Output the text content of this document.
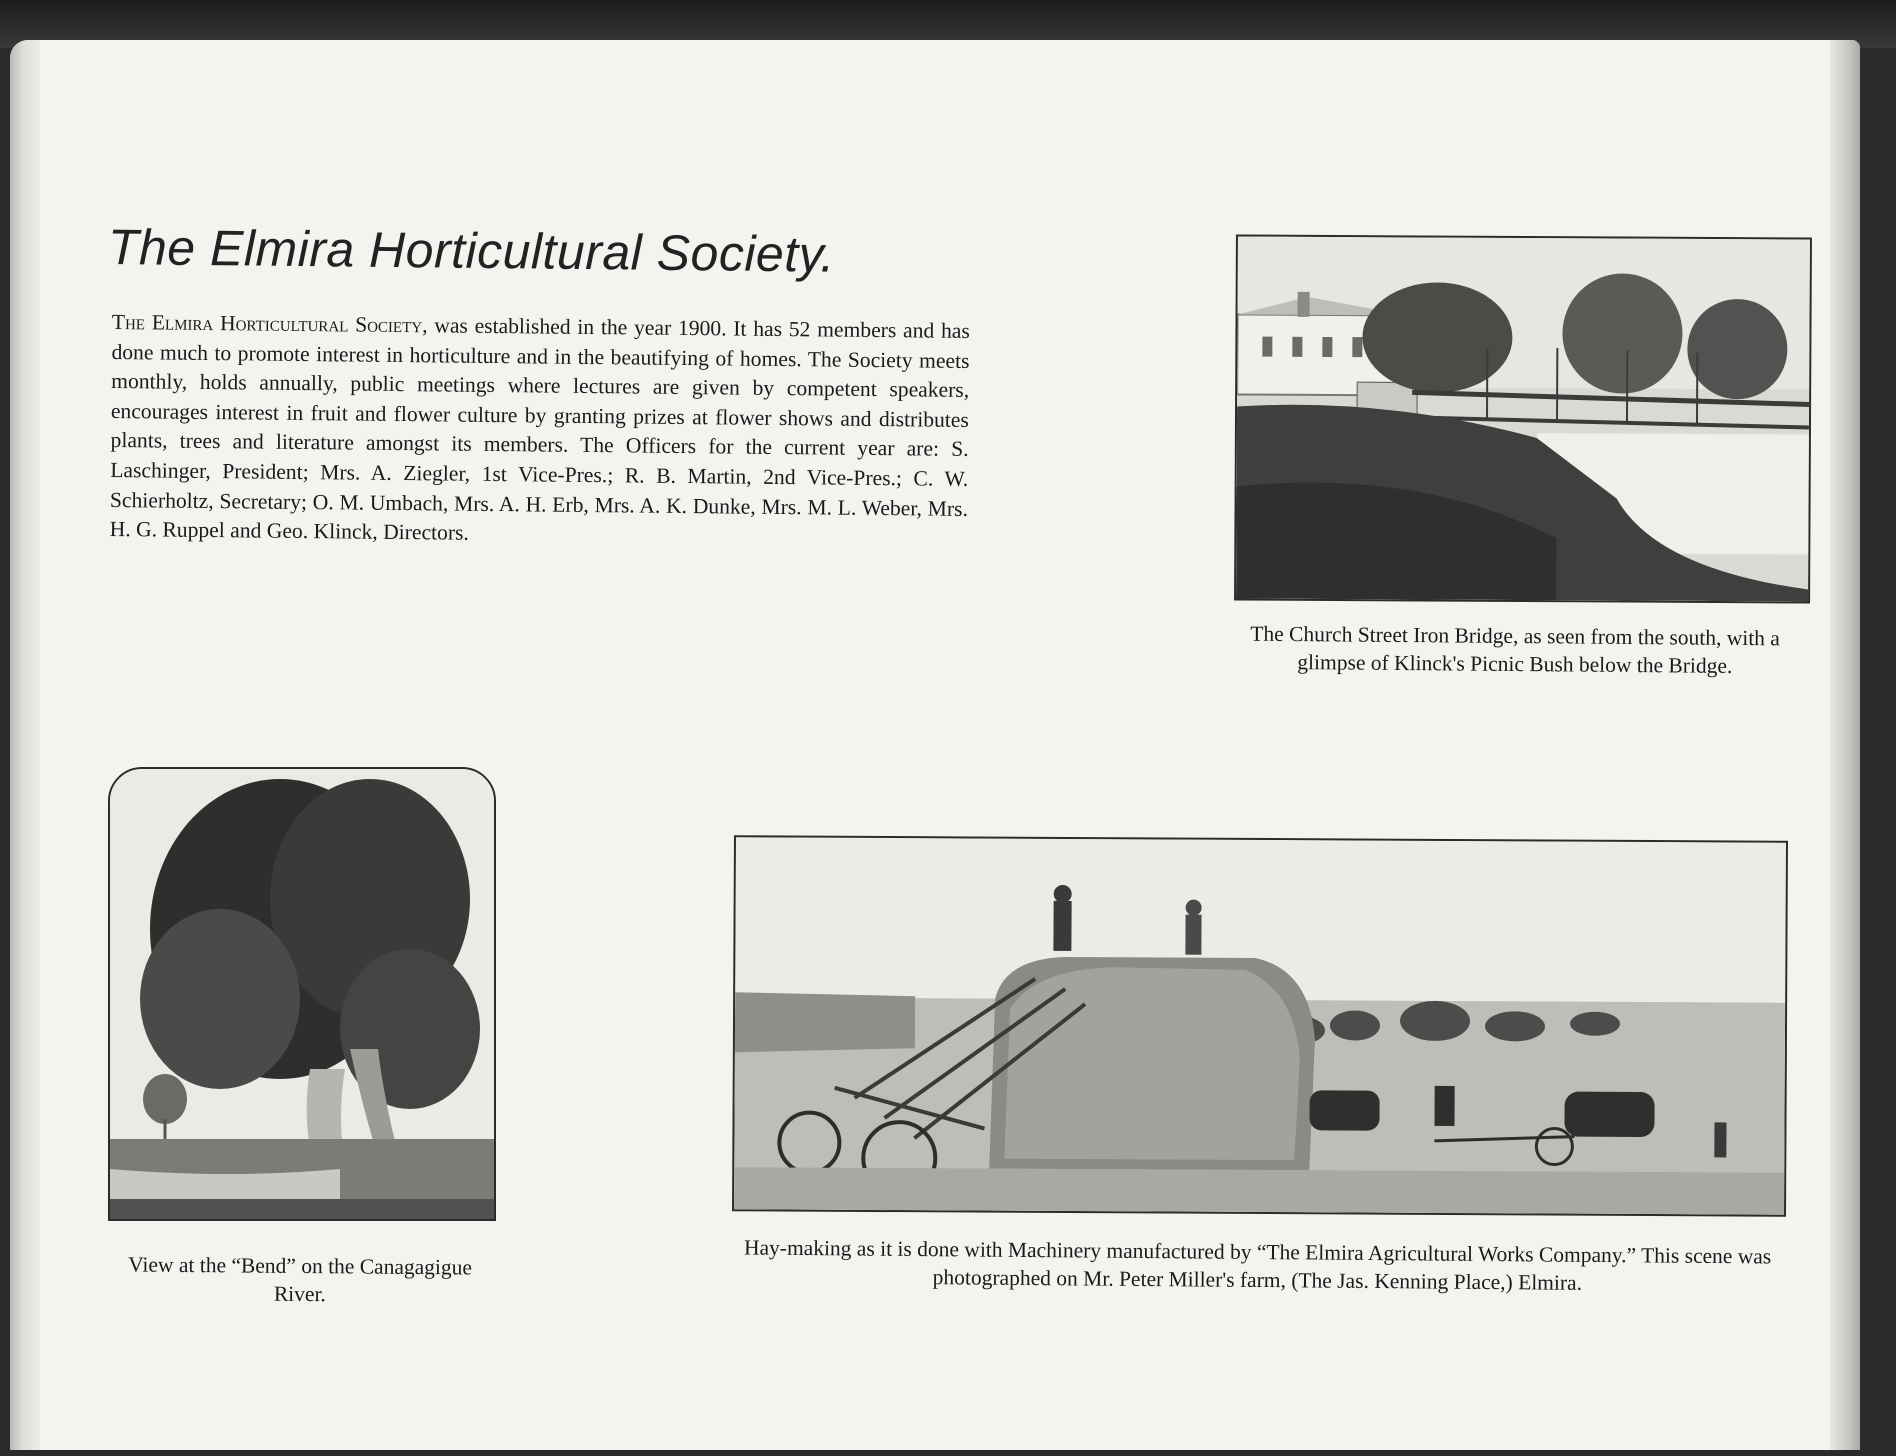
The Elmira Horticultural Society.

The Elmira Horticultural Society, was established in the year 1900. It has 52 members and has done much to promote interest in horticulture and in the beautifying of homes. The Society meets monthly, holds annually, public meetings where lectures are given by competent speakers, encourages interest in fruit and flower culture by granting prizes at flower shows and distributes plants, trees and literature amongst its members. The Officers for the current year are: S. Laschinger, President; Mrs. A. Ziegler, 1st Vice-Pres.; R. B. Martin, 2nd Vice-Pres.; C. W. Schierholtz, Secretary; O. M. Umbach, Mrs. A. H. Erb, Mrs. A. K. Dunke, Mrs. M. L. Weber, Mrs. H. G. Ruppel and Geo. Klinck, Directors.

The Church Street Iron Bridge, as seen from the south, with a glimpse of Klinck's Picnic Bush below the Bridge.

View at the “Bend” on the Canagagigue River.

Hay-making as it is done with Machinery manufactured by “The Elmira Agricultural Works Company.” This scene was photographed on Mr. Peter Miller's farm, (The Jas. Kenning Place,) Elmira.
